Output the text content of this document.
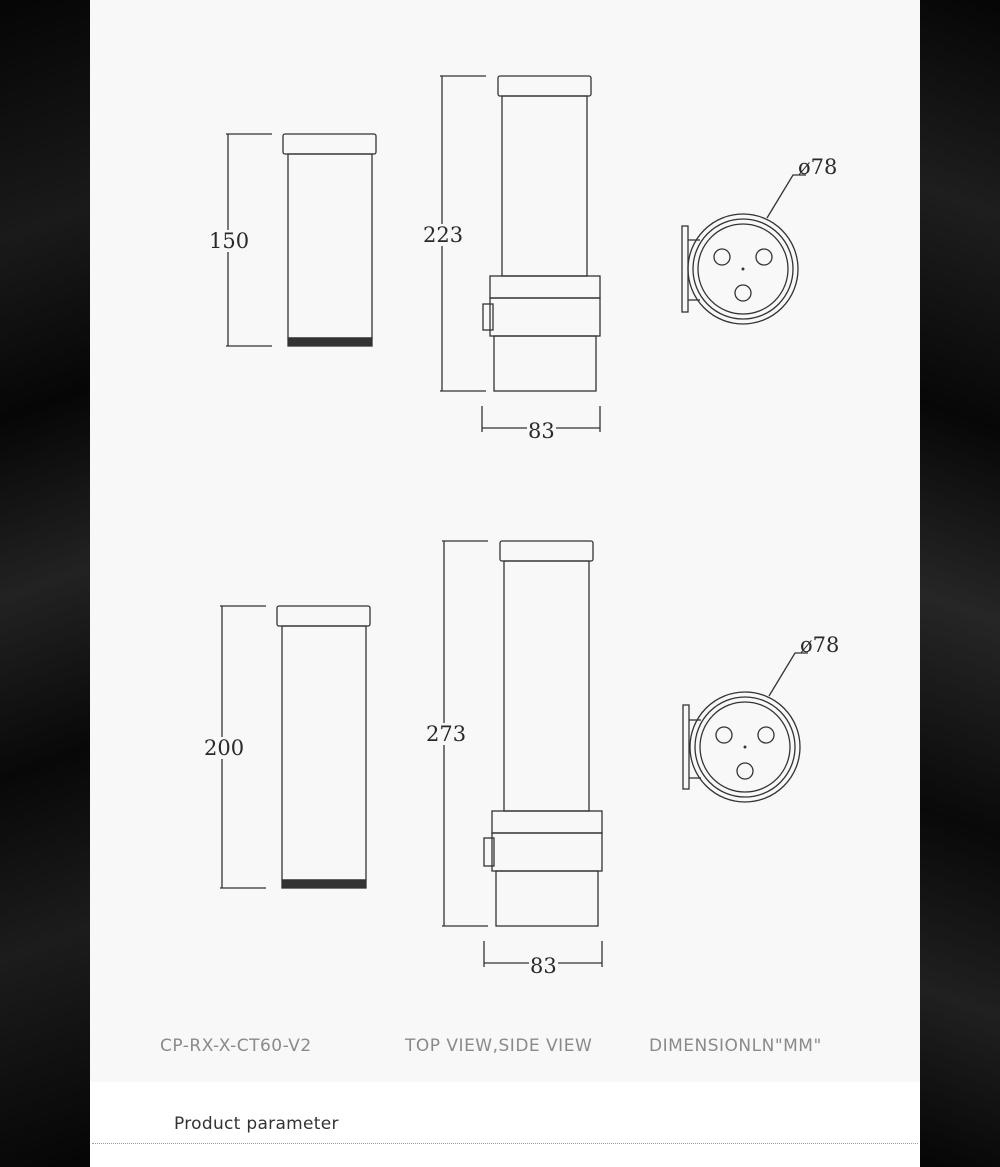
150	223
83
ø78
200
273
83
ø78
CP-RX-X-CT60-V2	TOP VIEW,SIDE VIEW	DIMENSIONLN"MM"
Product parameter
